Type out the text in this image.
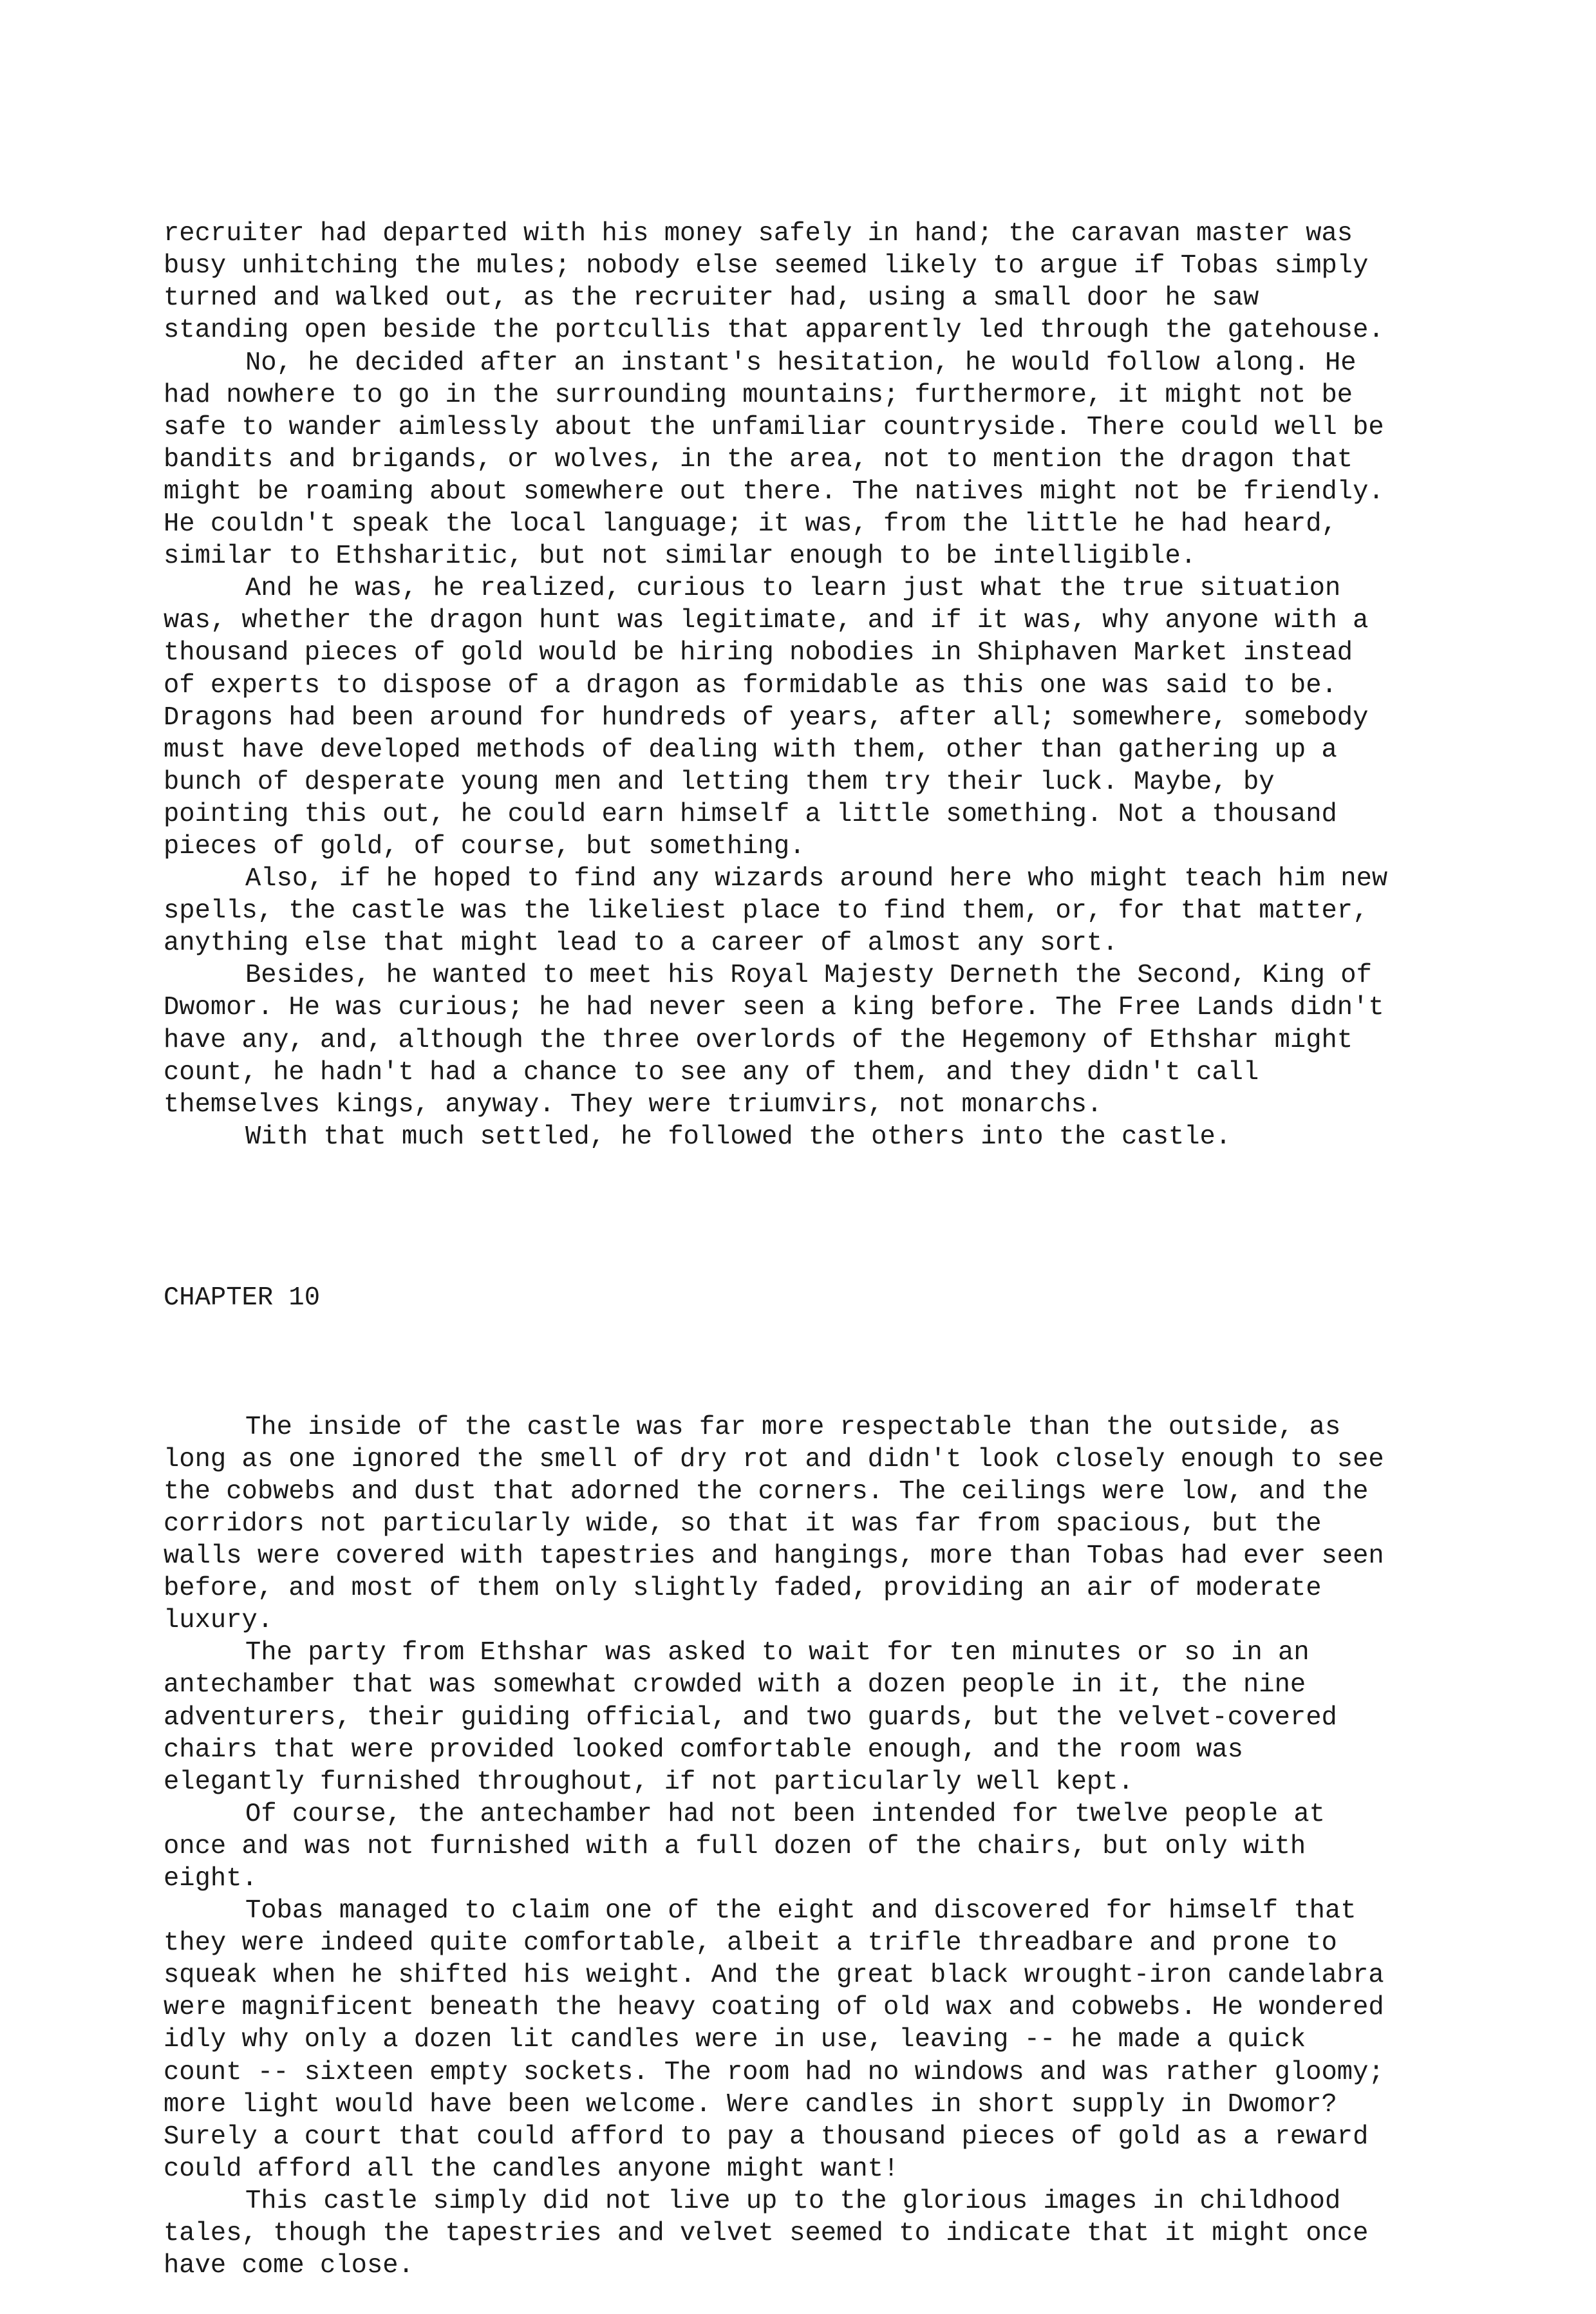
recruiter had departed with his money safely in hand; the caravan master was
busy unhitching the mules; nobody else seemed likely to argue if Tobas simply
turned and walked out, as the recruiter had, using a small door he saw
standing open beside the portcullis that apparently led through the gatehouse.
No, he decided after an instant's hesitation, he would follow along. He
had nowhere to go in the surrounding mountains; furthermore, it might not be
safe to wander aimlessly about the unfamiliar countryside. There could well be
bandits and brigands, or wolves, in the area, not to mention the dragon that
might be roaming about somewhere out there. The natives might not be friendly.
He couldn't speak the local language; it was, from the little he had heard,
similar to Ethsharitic, but not similar enough to be intelligible.
And he was, he realized, curious to learn just what the true situation
was, whether the dragon hunt was legitimate, and if it was, why anyone with a
thousand pieces of gold would be hiring nobodies in Shiphaven Market instead
of experts to dispose of a dragon as formidable as this one was said to be.
Dragons had been around for hundreds of years, after all; somewhere, somebody
must have developed methods of dealing with them, other than gathering up a
bunch of desperate young men and letting them try their luck. Maybe, by
pointing this out, he could earn himself a little something. Not a thousand
pieces of gold, of course, but something.
Also, if he hoped to find any wizards around here who might teach him new
spells, the castle was the likeliest place to find them, or, for that matter,
anything else that might lead to a career of almost any sort.
Besides, he wanted to meet his Royal Majesty Derneth the Second, King of
Dwomor. He was curious; he had never seen a king before. The Free Lands didn't
have any, and, although the three overlords of the Hegemony of Ethshar might
count, he hadn't had a chance to see any of them, and they didn't call
themselves kings, anyway. They were triumvirs, not monarchs.
With that much settled, he followed the others into the castle.

CHAPTER 10

The inside of the castle was far more respectable than the outside, as
long as one ignored the smell of dry rot and didn't look closely enough to see
the cobwebs and dust that adorned the corners. The ceilings were low, and the
corridors not particularly wide, so that it was far from spacious, but the
walls were covered with tapestries and hangings, more than Tobas had ever seen
before, and most of them only slightly faded, providing an air of moderate
luxury.
The party from Ethshar was asked to wait for ten minutes or so in an
antechamber that was somewhat crowded with a dozen people in it, the nine
adventurers, their guiding official, and two guards, but the velvet-covered
chairs that were provided looked comfortable enough, and the room was
elegantly furnished throughout, if not particularly well kept.
Of course, the antechamber had not been intended for twelve people at
once and was not furnished with a full dozen of the chairs, but only with
eight.
Tobas managed to claim one of the eight and discovered for himself that
they were indeed quite comfortable, albeit a trifle threadbare and prone to
squeak when he shifted his weight. And the great black wrought-iron candelabra
were magnificent beneath the heavy coating of old wax and cobwebs. He wondered
idly why only a dozen lit candles were in use, leaving -- he made a quick
count -- sixteen empty sockets. The room had no windows and was rather gloomy;
more light would have been welcome. Were candles in short supply in Dwomor?
Surely a court that could afford to pay a thousand pieces of gold as a reward
could afford all the candles anyone might want!
This castle simply did not live up to the glorious images in childhood
tales, though the tapestries and velvet seemed to indicate that it might once
have come close.
